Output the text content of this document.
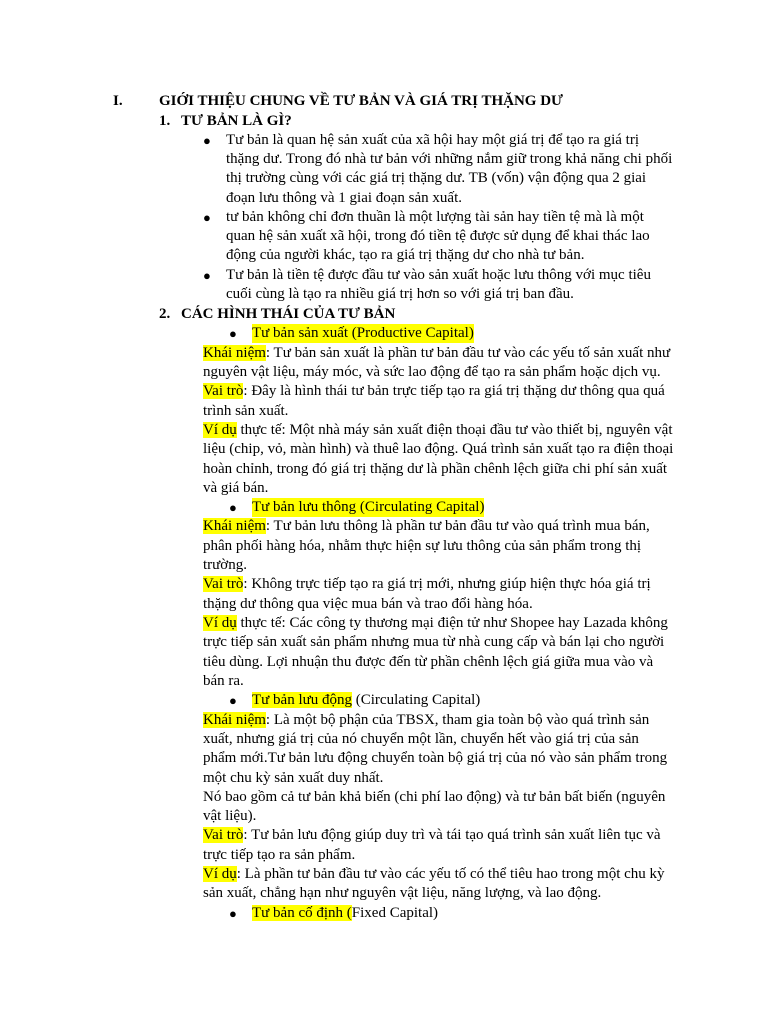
I. GIỚI THIỆU CHUNG VỀ TƯ BẢN VÀ GIÁ TRỊ THẶNG DƯ
1. TƯ BẢN LÀ GÌ?
● Tư bản là quan hệ sản xuất của xã hội hay một giá trị để tạo ra giá trị
thặng dư. Trong đó nhà tư bản với những nắm giữ trong khả năng chi phối
thị trường cùng với các giá trị thặng dư. TB (vốn) vận động qua 2 giai
đoạn lưu thông và 1 giai đoạn sản xuất.
● tư bản không chỉ đơn thuần là một lượng tài sản hay tiền tệ mà là một
quan hệ sản xuất xã hội, trong đó tiền tệ được sử dụng để khai thác lao
động của người khác, tạo ra giá trị thặng dư cho nhà tư bản.
● Tư bản là tiền tệ được đầu tư vào sản xuất hoặc lưu thông với mục tiêu
cuối cùng là tạo ra nhiều giá trị hơn so với giá trị ban đầu.
2. CÁC HÌNH THÁI CỦA TƯ BẢN
● Tư bản sản xuất (Productive Capital)
Khái niệm: Tư bản sản xuất là phần tư bản đầu tư vào các yếu tố sản xuất như
nguyên vật liệu, máy móc, và sức lao động để tạo ra sản phẩm hoặc dịch vụ.
Vai trò: Đây là hình thái tư bản trực tiếp tạo ra giá trị thặng dư thông qua quá
trình sản xuất.
Ví dụ thực tế: Một nhà máy sản xuất điện thoại đầu tư vào thiết bị, nguyên vật
liệu (chip, vỏ, màn hình) và thuê lao động. Quá trình sản xuất tạo ra điện thoại
hoàn chỉnh, trong đó giá trị thặng dư là phần chênh lệch giữa chi phí sản xuất
và giá bán.
● Tư bản lưu thông (Circulating Capital)
Khái niệm: Tư bản lưu thông là phần tư bản đầu tư vào quá trình mua bán,
phân phối hàng hóa, nhằm thực hiện sự lưu thông của sản phẩm trong thị
trường.
Vai trò: Không trực tiếp tạo ra giá trị mới, nhưng giúp hiện thực hóa giá trị
thặng dư thông qua việc mua bán và trao đổi hàng hóa.
Ví dụ thực tế: Các công ty thương mại điện tử như Shopee hay Lazada không
trực tiếp sản xuất sản phẩm nhưng mua từ nhà cung cấp và bán lại cho người
tiêu dùng. Lợi nhuận thu được đến từ phần chênh lệch giá giữa mua vào và
bán ra.
● Tư bản lưu động (Circulating Capital)
Khái niệm: Là một bộ phận của TBSX, tham gia toàn bộ vào quá trình sản
xuất, nhưng giá trị của nó chuyển một lần, chuyển hết vào giá trị của sản
phẩm mới.Tư bản lưu động chuyển toàn bộ giá trị của nó vào sản phẩm trong
một chu kỳ sản xuất duy nhất.
Nó bao gồm cả tư bản khả biến (chi phí lao động) và tư bản bất biến (nguyên
vật liệu).
Vai trò: Tư bản lưu động giúp duy trì và tái tạo quá trình sản xuất liên tục và
trực tiếp tạo ra sản phẩm.
Ví dụ: Là phần tư bản đầu tư vào các yếu tố có thể tiêu hao trong một chu kỳ
sản xuất, chẳng hạn như nguyên vật liệu, năng lượng, và lao động.
● Tư bản cố định (Fixed Capital)
